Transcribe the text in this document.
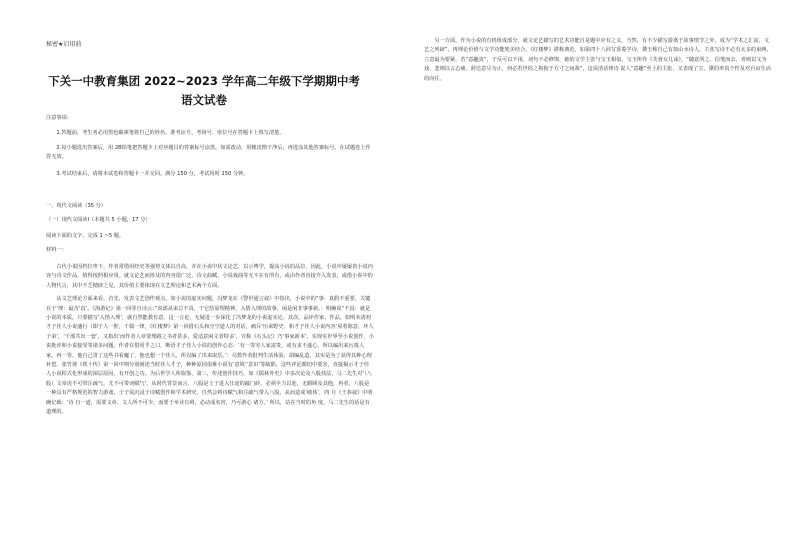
秘密★启用前
下关一中教育集团 2022~2023 学年高二年级下学期期中考
语文试卷
注意事项：
1.答题前，考生务必用黑色碳素笔将自己的姓名、准考证号、考场号、座位号在答题卡上填写清楚。
2.每小题选出答案后，用 2B铅笔把答题卡上对应题目的答案标号涂黑。如需改动，用橡皮擦干净后，再选涂其他答案标号。在试题卷上作答无效。
3.考试结束后，请将本试卷和答题卡一并交回。满分 150 分，考试用时 150 分钟。
一、现代文阅读（35 分）
（一）现代文阅读Ⅰ（本题共 5 小题，17 分）
阅读下面的文字，完成 1 ~5 题。
材料一：

古代小说因档位卑下，作者常借用经史等强势文体以自高，并在小说中状文论艺，以示博学，提高小说的品位，因此，小说中屡屡着小说内容与诗文作品，值得按照相应用。就文论艺而涉及的内容很广泛，诗文曲赋、小说戏曲等无不在有所有，或由作者直接介入发表，或借小说中的人物代言，其中不乏精辟之见，其价值主要体现在文艺理论和艺术两个方面。

从文艺理论方面来看，首先，发表文艺创作观点。如小说的虚实问题，冯梦龙在《警世通言叙》中指出，小说中的“事：真假不重要，关键在于‘理：最否’真’。《海游记》第一回等自诗云：”说部从来总不真，干它结原理精神，入情入理的故事，闲是闲非事事新。：明确说“不真：就是小说的本质，只要描写‘入情入理’，就自然能教有意。这一言论，无疑进一步深化了冯梦龙的小说虚实论，其次，品评作家、作品。如明末清初才子佳人小说盛行（即于人一腔，千篇一律，《红楼梦》第一回借石头和空空道人的对话，痛斥‘历来野史：和才子佳人小说内容‘屋着陈意，坏人子弟’，‘千部共出一套’，又指出‘而作者人章要理路之书者甚多，爱适意闲文者特多’，宣称《石头记》乃‘事家新本’，实现实世界至小说创作，小说批评和小说接受等诸多问题。作者在借用乎之口，断语才子佳人小说的创作心态：‘有一等穷人家富贵，或有求不遂心，所以编出来污蔑人家。再一等，他自己贯了这些书看魔了，他也想一个佳人，所以编了出来取乐。’：尽数作者批判生活体验，胡编乱造，其实是为了获得其种心理补偿。张竹坡《铁十传》第一回中则分别阐述当时佳人才子，种种原因很难小说有‘意境’‘意识’等缺陷，这些评论都切中要害，直接揭示才子佳人小说程式化形成的深层原因，有开创之功。为后世学人所取鉴，第三，传述创作技巧，如《儒林外史》中多次论及八股技法，马二先生对‘（八股）文章虎不可带注疏气，尤不可带词赋气’，从时代背景而言，八股是士子进入仕途的敲门砖，必须全力以赴，无暇顾及其他，再者，八股是一种具有严格规范的智力游戏，士子需沉浸于诗赋创作和学术研究，自然会将诗赋气和注疏气带入八股，从而造成‘破体’，四 月《王恭叙》中明确记载：‘诗 自一道，需要文章，文人所不可少，而要于举业有碍，必动成名窍，乃可游心 诸方。’ 所以，站在当时的角 度，马二先生的话是有道理的。

另一方面，作为小说的有机组成部分，就文论艺描写的艺术功能自是题中应有之义，当然，有不少描写游离于故事情节之外，成为“学术之汇流，文艺之列肆”，再理论价值与文学功能兜美结合，《红楼梦》堪称典范，如第四十八回写香菱学诗，黛玉称自己有如山水诗人，主张写诗不必有太多的束缚，立意最为要紧，若“意趣真”，于反可以不用，词句不必修饰，她的文学主张与宝玉相似，宝玉所作《芙蓉女儿诔》，“随意所之，信笔而去，喜则以文为戏，悲则以言志痛，辞达意尽为止，何必若世俗之拘拘于方寸之间哉”，这说清话律诗 说人“意趣”至上的主张，又表现了宝、黛的率真个性及对自由生活的向往。
